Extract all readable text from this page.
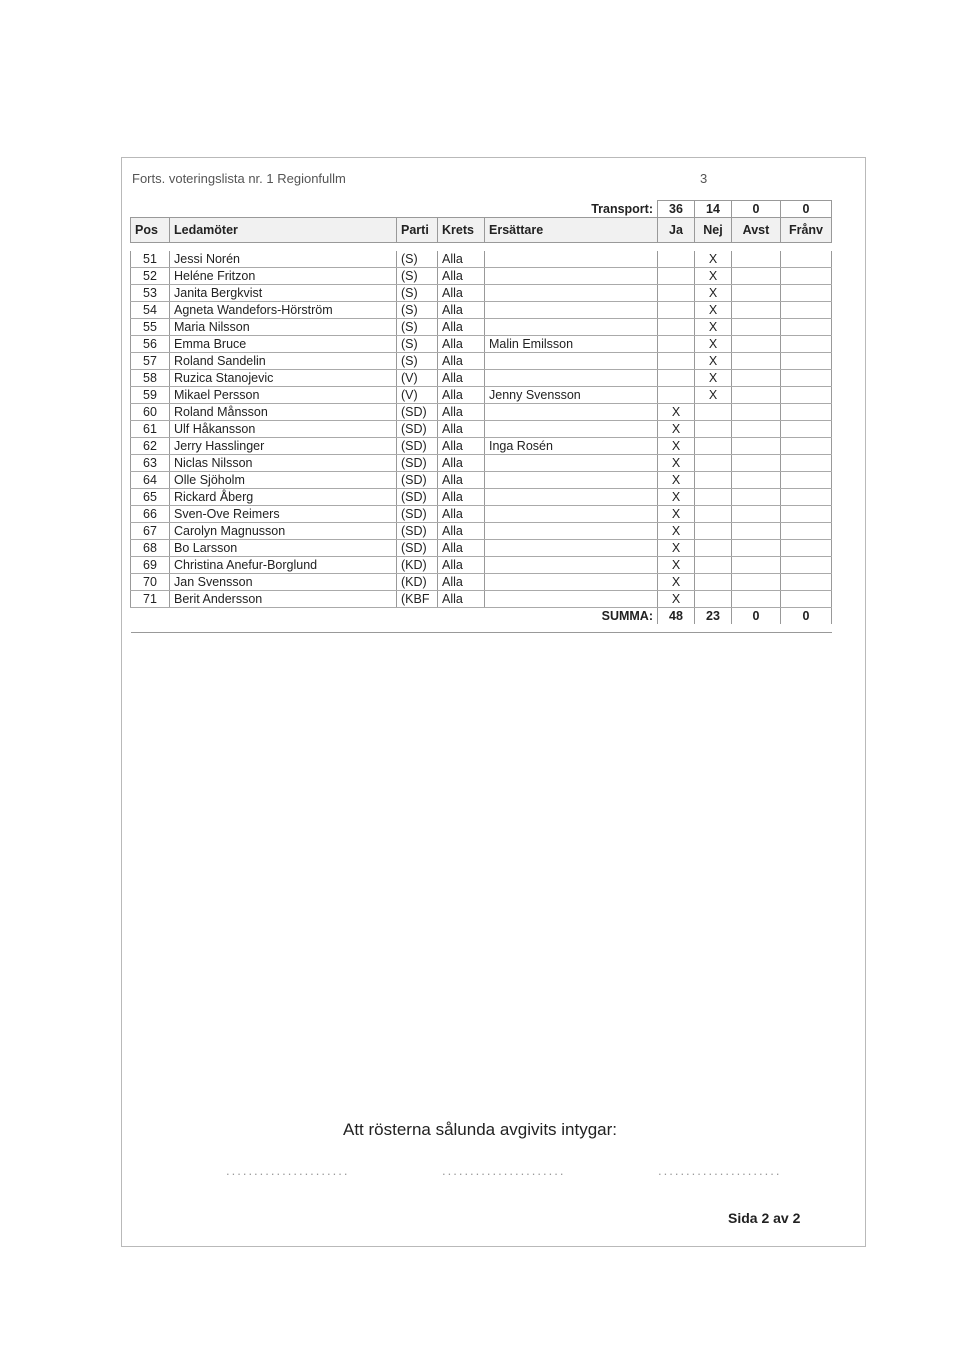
Forts. voteringslista nr. 1 Regionfullm	3
Transport:					36	14	0	0
Pos	Ledamöter	Parti	Krets	Ersättare	Ja	Nej	Avst	Frånv

51	Jessi Norén	(S)	Alla			X		
52	Heléne Fritzon	(S)	Alla			X		
53	Janita Bergkvist	(S)	Alla			X		
54	Agneta Wandefors-Hörström	(S)	Alla			X		
55	Maria Nilsson	(S)	Alla			X		
56	Emma Bruce	(S)	Alla	Malin Emilsson		X		
57	Roland Sandelin	(S)	Alla			X		
58	Ruzica Stanojevic	(V)	Alla			X		
59	Mikael Persson	(V)	Alla	Jenny Svensson		X		
60	Roland Månsson	(SD)	Alla		X			
61	Ulf Håkansson	(SD)	Alla		X			
62	Jerry Hasslinger	(SD)	Alla	Inga Rosén	X			
63	Niclas Nilsson	(SD)	Alla		X			
64	Olle Sjöholm	(SD)	Alla		X			
65	Rickard Åberg	(SD)	Alla		X			
66	Sven-Ove Reimers	(SD)	Alla		X			
67	Carolyn Magnusson	(SD)	Alla		X			
68	Bo Larsson	(SD)	Alla		X			
69	Christina Anefur-Borglund	(KD)	Alla		X			
70	Jan Svensson	(KD)	Alla		X			
71	Berit Andersson	(KBF	Alla		X			
SUMMA:					48	23	0	0

Att rösterna sålunda avgivits intygar:
......................	......................	......................
Sida 2 av 2
